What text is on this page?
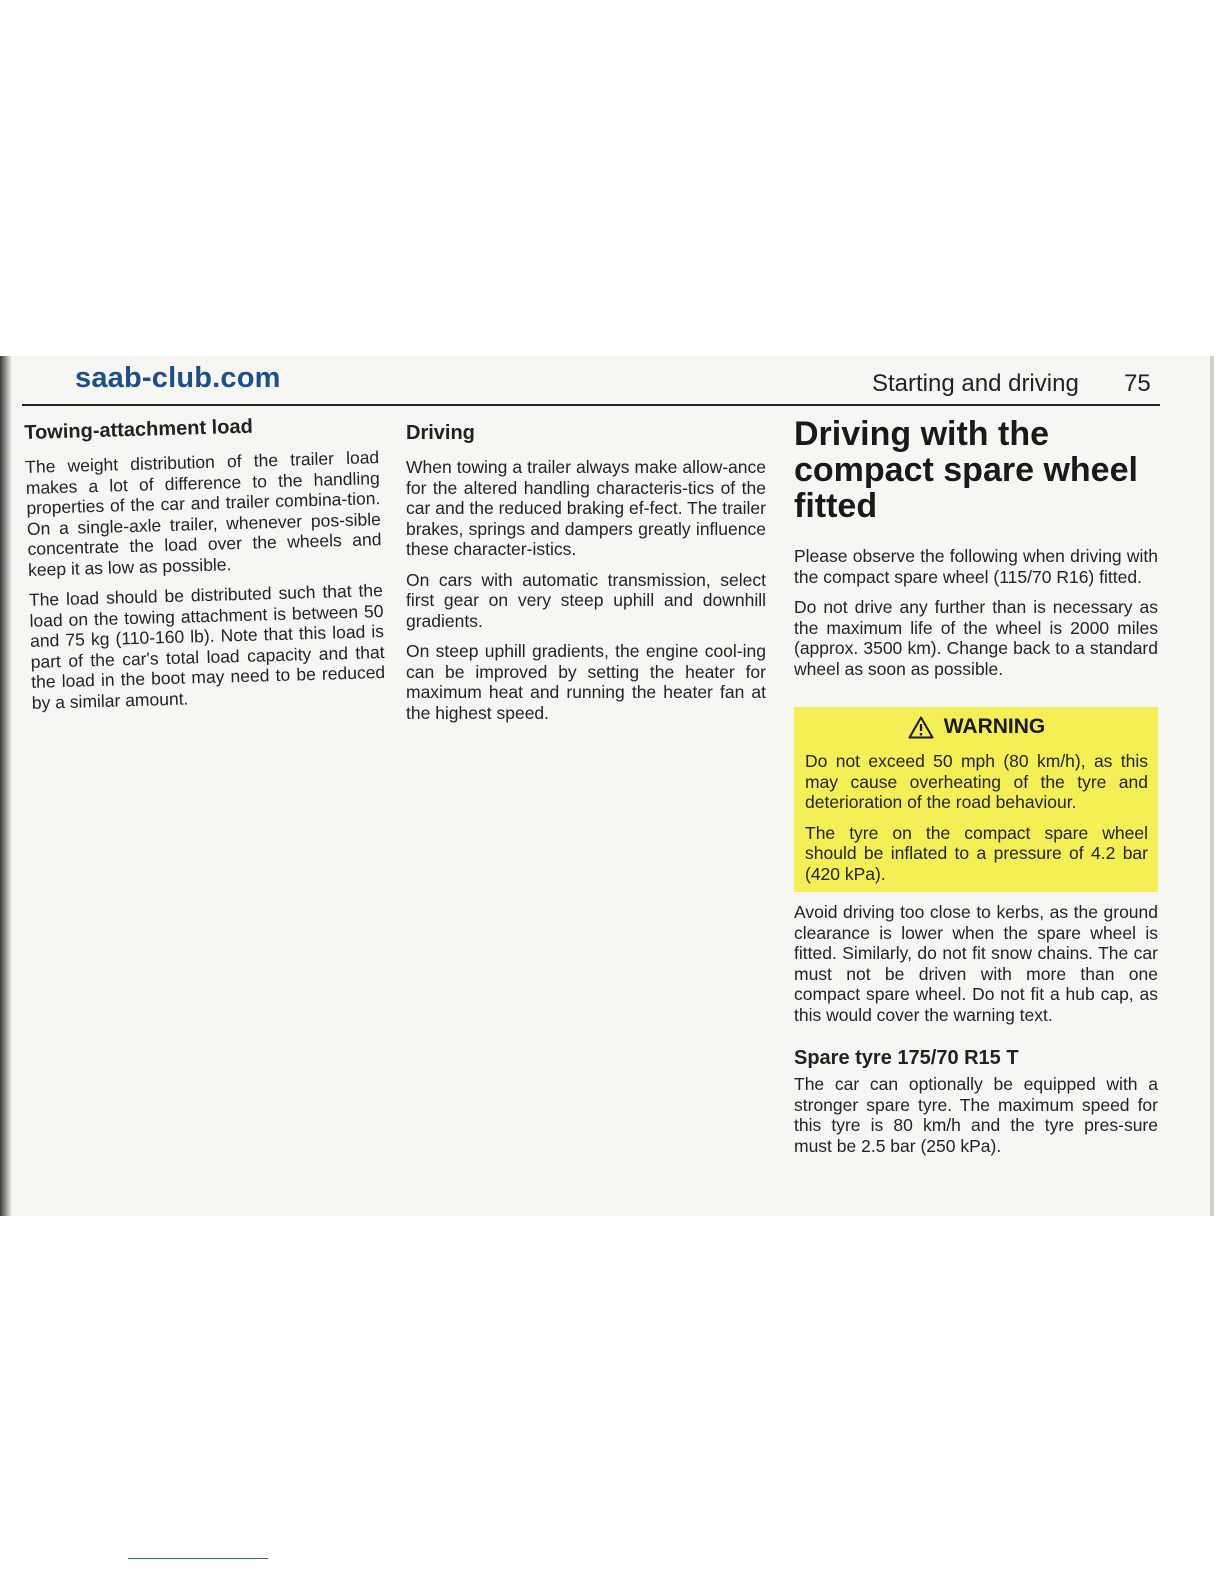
saab-club.com	Starting and driving 75
Towing-attachment load

The weight distribution of the trailer load makes a lot of difference to the handling properties of the car and trailer combina-tion. On a single-axle trailer, whenever pos-sible concentrate the load over the wheels and keep it as low as possible.

The load should be distributed such that the load on the towing attachment is between 50 and 75 kg (110-160 lb). Note that this load is part of the car's total load capacity and that the load in the boot may need to be reduced by a similar amount.

Driving

When towing a trailer always make allow-ance for the altered handling characteris-tics of the car and the reduced braking ef-fect. The trailer brakes, springs and dampers greatly influence these character-istics.

On cars with automatic transmission, select first gear on very steep uphill and downhill gradients.

On steep uphill gradients, the engine cool-ing can be improved by setting the heater for maximum heat and running the heater fan at the highest speed.

Driving with the compact spare wheel fitted

Please observe the following when driving with the compact spare wheel (115/70 R16) fitted.

Do not drive any further than is necessary as the maximum life of the wheel is 2000 miles (approx. 3500 km). Change back to a standard wheel as soon as possible.

WARNING

Do not exceed 50 mph (80 km/h), as this may cause overheating of the tyre and deterioration of the road behaviour.

The tyre on the compact spare wheel should be inflated to a pressure of 4.2 bar (420 kPa).

Avoid driving too close to kerbs, as the ground clearance is lower when the spare wheel is fitted. Similarly, do not fit snow chains. The car must not be driven with more than one compact spare wheel. Do not fit a hub cap, as this would cover the warning text.

Spare tyre 175/70 R15 T

The car can optionally be equipped with a stronger spare tyre. The maximum speed for this tyre is 80 km/h and the tyre pres-sure must be 2.5 bar (250 kPa).
